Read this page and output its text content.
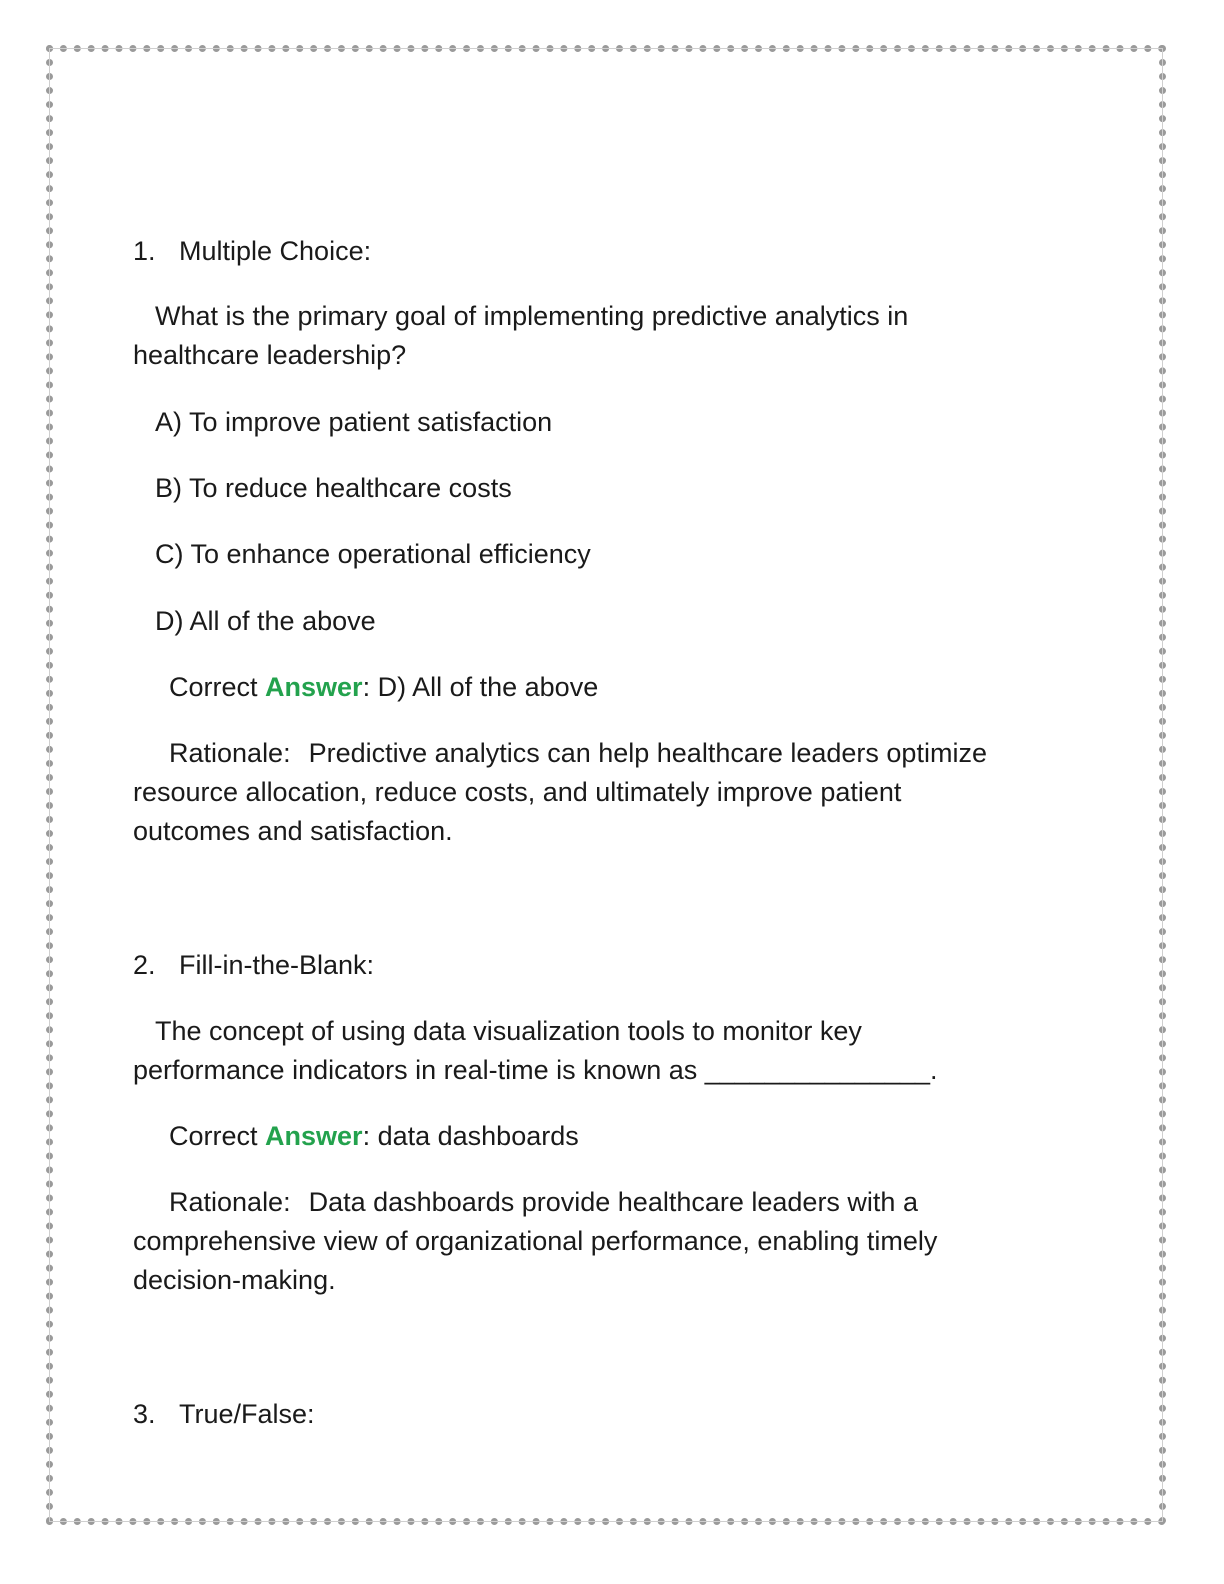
1. Multiple Choice:
What is the primary goal of implementing predictive analytics in
healthcare leadership?
A) To improve patient satisfaction
B) To reduce healthcare costs
C) To enhance operational efficiency
D) All of the above
Correct Answer: D) All of the above
Rationale: Predictive analytics can help healthcare leaders optimize
resource allocation, reduce costs, and ultimately improve patient
outcomes and satisfaction.
2. Fill-in-the-Blank:
The concept of using data visualization tools to monitor key
performance indicators in real-time is known as _______________.
Correct Answer: data dashboards
Rationale: Data dashboards provide healthcare leaders with a
comprehensive view of organizational performance, enabling timely
decision-making.
3. True/False:
